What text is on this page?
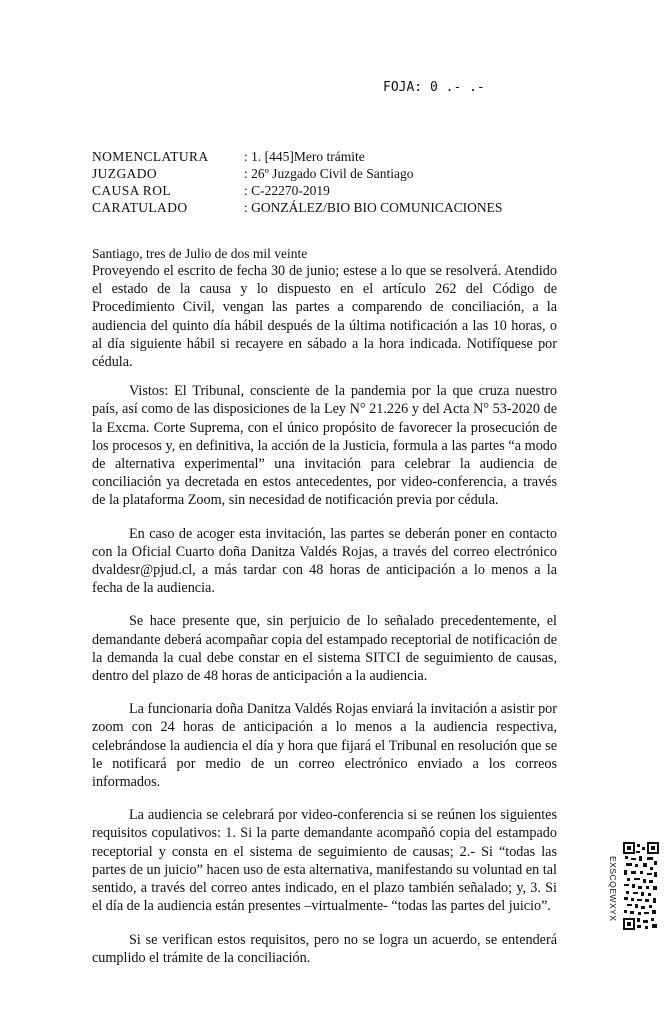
FOJA: 0 .- .-
NOMENCLATURA	: 1. [445]Mero trámite
JUZGADO	: 26º Juzgado Civil de Santiago
CAUSA ROL	: C-22270-2019
CARATULADO	: GONZÁLEZ/BIO BIO COMUNICACIONES
Santiago, tres de Julio de dos mil veinte

Proveyendo el escrito de fecha 30 de junio; estese a lo que se resolverá. Atendido el estado de la causa y lo dispuesto en el artículo 262 del Código de Procedimiento Civil, vengan las partes a comparendo de conciliación, a la audiencia del quinto día hábil después de la última notificación a las 10 horas, o al día siguiente hábil si recayere en sábado a la hora indicada. Notifíquese por cédula.

Vistos: El Tribunal, consciente de la pandemia por la que cruza nuestro país, así como de las disposiciones de la Ley N° 21.226 y del Acta N° 53-2020 de la Excma. Corte Suprema, con el único propósito de favorecer la prosecución de los procesos y, en definitiva, la acción de la Justicia, formula a las partes “a modo de alternativa experimental” una invitación para celebrar la audiencia de conciliación ya decretada en estos antecedentes, por video-conferencia, a través de la plataforma Zoom, sin necesidad de notificación previa por cédula.

En caso de acoger esta invitación, las partes se deberán poner en contacto con la Oficial Cuarto doña Danitza Valdés Rojas, a través del correo electrónico dvaldesr@pjud.cl, a más tardar con 48 horas de anticipación a lo menos a la fecha de la audiencia.

Se hace presente que, sin perjuicio de lo señalado precedentemente, el demandante deberá acompañar copia del estampado receptorial de notificación de la demanda la cual debe constar en el sistema SITCI de seguimiento de causas, dentro del plazo de 48 horas de anticipación a la audiencia.

La funcionaria doña Danitza Valdés Rojas enviará la invitación a asistir por zoom con 24 horas de anticipación a lo menos a la audiencia respectiva, celebrándose la audiencia el día y hora que fijará el Tribunal en resolución que se le notificará por medio de un correo electrónico enviado a los correos informados.

La audiencia se celebrará por video-conferencia si se reúnen los siguientes requisitos copulativos: 1. Si la parte demandante acompañó copia del estampado receptorial y consta en el sistema de seguimiento de causas; 2.- Si “todas las partes de un juicio” hacen uso de esta alternativa, manifestando su voluntad en tal sentido, a través del correo antes indicado, en el plazo también señalado; y, 3. Si el día de la audiencia están presentes –virtualmente- “todas las partes del juicio”.

Si se verifican estos requisitos, pero no se logra un acuerdo, se entenderá cumplido el trámite de la conciliación.

EXSCQEWXYX
